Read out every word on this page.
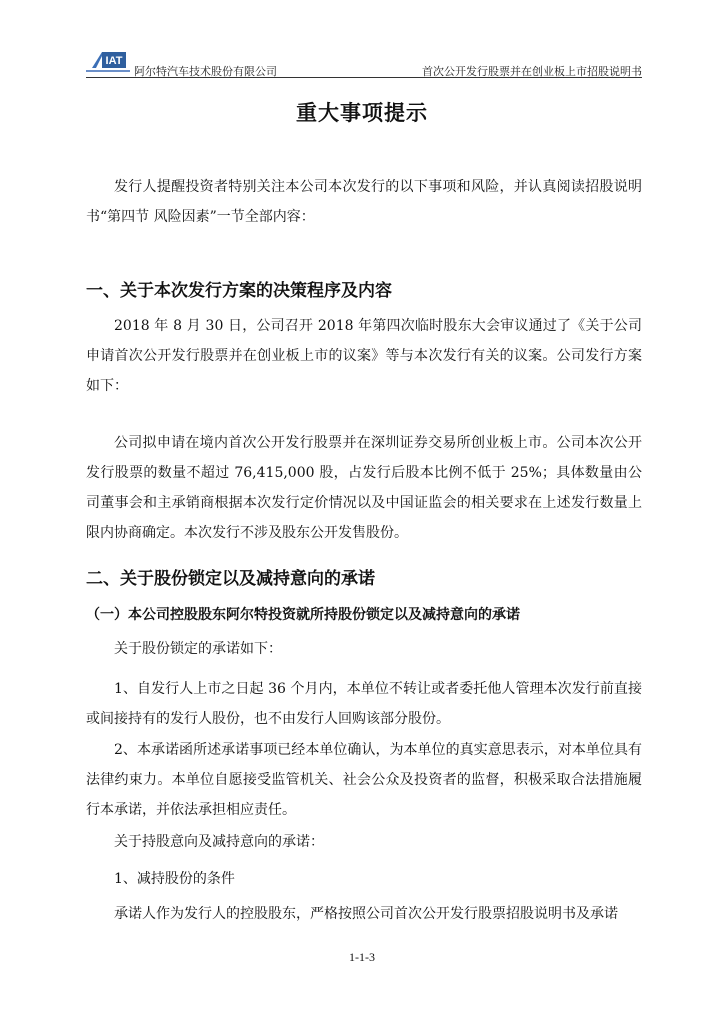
IAT
阿尔特汽车技术股份有限公司	首次公开发行股票并在创业板上市招股说明书
重大事项提示

发行人提醒投资者特别关注本公司本次发行的以下事项和风险，并认真阅读招股说明书“第四节 风险因素”一节全部内容：

一、关于本次发行方案的决策程序及内容

2018 年 8 月 30 日，公司召开 2018 年第四次临时股东大会审议通过了《关于公司申请首次公开发行股票并在创业板上市的议案》等与本次发行有关的议案。公司发行方案如下：

公司拟申请在境内首次公开发行股票并在深圳证券交易所创业板上市。公司本次公开发行股票的数量不超过 76,415,000 股，占发行后股本比例不低于 25%；具体数量由公司董事会和主承销商根据本次发行定价情况以及中国证监会的相关要求在上述发行数量上限内协商确定。本次发行不涉及股东公开发售股份。

二、关于股份锁定以及减持意向的承诺
（一）本公司控股股东阿尔特投资就所持股份锁定以及减持意向的承诺

关于股份锁定的承诺如下：

1、自发行人上市之日起 36 个月内，本单位不转让或者委托他人管理本次发行前直接或间接持有的发行人股份，也不由发行人回购该部分股份。

2、本承诺函所述承诺事项已经本单位确认，为本单位的真实意思表示，对本单位具有法律约束力。本单位自愿接受监管机关、社会公众及投资者的监督，积极采取合法措施履行本承诺，并依法承担相应责任。

关于持股意向及减持意向的承诺：

1、减持股份的条件

承诺人作为发行人的控股股东，严格按照公司首次公开发行股票招股说明书及承诺

1-1-3
